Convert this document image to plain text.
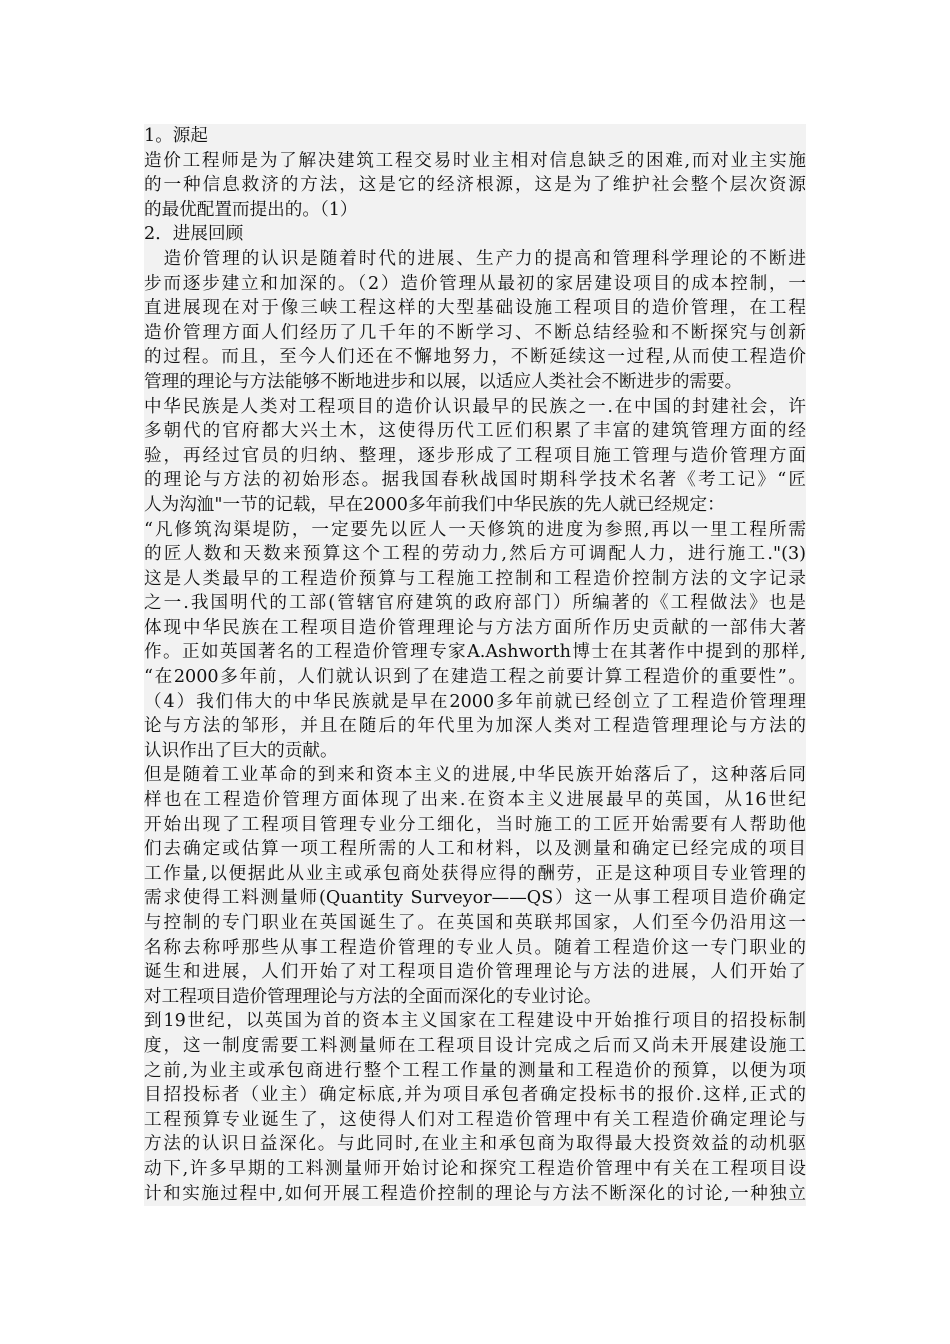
1。源起
造价工程师是为了解决建筑工程交易时业主相对信息缺乏的困难,而对业主实施
的一种信息救济的方法，这是它的经济根源，这是为了维护社会整个层次资源
的最优配置而提出的。（1）
2．进展回顾
　造价管理的认识是随着时代的进展、生产力的提高和管理科学理论的不断进
步而逐步建立和加深的。（2）造价管理从最初的家居建设项目的成本控制，一
直进展现在对于像三峡工程这样的大型基础设施工程项目的造价管理，在工程
造价管理方面人们经历了几千年的不断学习、不断总结经验和不断探究与创新
的过程。而且，至今人们还在不懈地努力，不断延续这一过程,从而使工程造价
管理的理论与方法能够不断地进步和以展，以适应人类社会不断进步的需要。
中华民族是人类对工程项目的造价认识最早的民族之一.在中国的封建社会，许
多朝代的官府都大兴土木，这使得历代工匠们积累了丰富的建筑管理方面的经
验，再经过官员的归纳、整理，逐步形成了工程项目施工管理与造价管理方面
的理论与方法的初始形态。据我国春秋战国时期科学技术名著《考工记》“匠
人为沟洫"一节的记载，早在2000多年前我们中华民族的先人就已经规定：
“凡修筑沟渠堤防，一定要先以匠人一天修筑的进度为参照,再以一里工程所需
的匠人数和天数来预算这个工程的劳动力,然后方可调配人力，进行施工."(3)
这是人类最早的工程造价预算与工程施工控制和工程造价控制方法的文字记录
之一.我国明代的工部(管辖官府建筑的政府部门）所编著的《工程做法》也是
体现中华民族在工程项目造价管理理论与方法方面所作历史贡献的一部伟大著
作。正如英国著名的工程造价管理专家A.Ashworth博士在其著作中提到的那样,
“在2000多年前，人们就认识到了在建造工程之前要计算工程造价的重要性”。
（4）我们伟大的中华民族就是早在2000多年前就已经创立了工程造价管理理
论与方法的邹形，并且在随后的年代里为加深人类对工程造管理理论与方法的
认识作出了巨大的贡献。
但是随着工业革命的到来和资本主义的进展,中华民族开始落后了，这种落后同
样也在工程造价管理方面体现了出来.在资本主义进展最早的英国，从16世纪
开始出现了工程项目管理专业分工细化，当时施工的工匠开始需要有人帮助他
们去确定或估算一项工程所需的人工和材料，以及测量和确定已经完成的项目
工作量,以便据此从业主或承包商处获得应得的酬劳，正是这种项目专业管理的
需求使得工料测量师(Quantity Surveyor——QS）这一从事工程项目造价确定
与控制的专门职业在英国诞生了。在英国和英联邦国家，人们至今仍沿用这一
名称去称呼那些从事工程造价管理的专业人员。随着工程造价这一专门职业的
诞生和进展，人们开始了对工程项目造价管理理论与方法的进展，人们开始了
对工程项目造价管理理论与方法的全面而深化的专业讨论。
到19世纪，以英国为首的资本主义国家在工程建设中开始推行项目的招投标制
度，这一制度需要工料测量师在工程项目设计完成之后而又尚未开展建设施工
之前,为业主或承包商进行整个工程工作量的测量和工程造价的预算，以便为项
目招投标者（业主）确定标底,并为项目承包者确定投标书的报价.这样,正式的
工程预算专业诞生了，这使得人们对工程造价管理中有关工程造价确定理论与
方法的认识日益深化。与此同时,在业主和承包商为取得最大投资效益的动机驱
动下,许多早期的工料测量师开始讨论和探究工程造价管理中有关在工程项目设
计和实施过程中,如何开展工程造价控制的理论与方法不断深化的讨论,一种独立
